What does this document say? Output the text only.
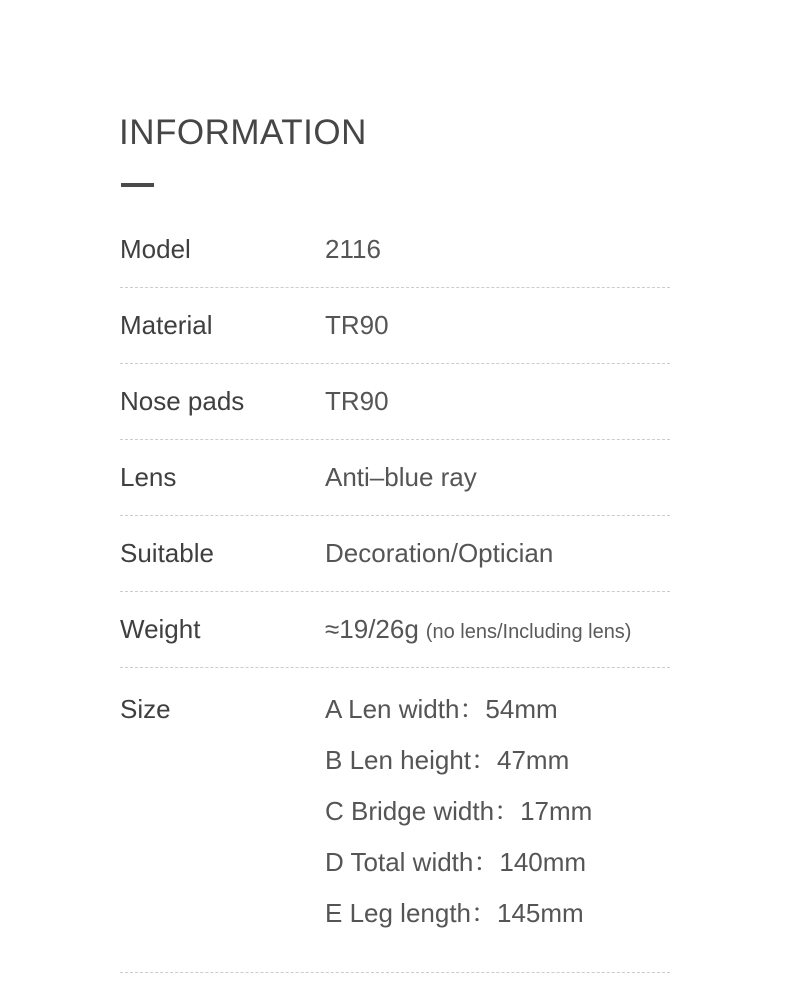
INFORMATION
Model	2116
Material	TR90
Nose pads	TR90
Lens	Anti–blue ray
Suitable	Decoration/Optician
Weight	≈19/26g (no lens/Including lens)
Size	A Len width：54mm
B Len height：47mm
C Bridge width：17mm
D Total width：140mm
E Leg length：145mm
